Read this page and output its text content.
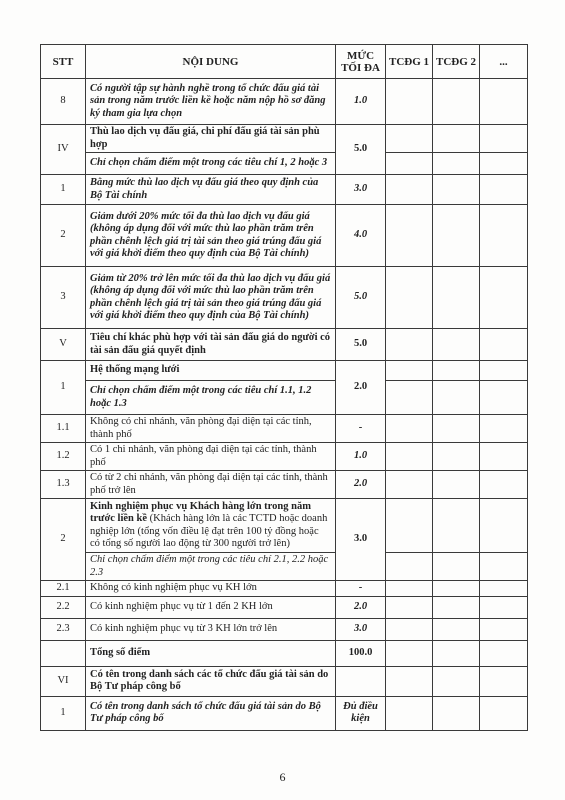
STT	NỘI DUNG	MỨC TỐI ĐA	TCĐG 1	TCĐG 2	...
8	Có người tập sự hành nghề trong tổ chức đấu giá tài sản trong năm trước liền kề hoặc năm nộp hồ sơ đăng ký tham gia lựa chọn	1.0			
IV	Thù lao dịch vụ đấu giá, chi phí đấu giá tài sản phù hợp	5.0			
	Chỉ chọn chấm điểm một trong các tiêu chí 1, 2 hoặc 3				
1	Bằng mức thù lao dịch vụ đấu giá theo quy định của Bộ Tài chính	3.0			
2	Giảm dưới 20% mức tối đa thù lao dịch vụ đấu giá (không áp dụng đối với mức thù lao phần trăm trên phần chênh lệch giá trị tài sản theo giá trúng đấu giá với giá khởi điểm theo quy định của Bộ Tài chính)	4.0			
3	Giảm từ 20% trở lên mức tối đa thù lao dịch vụ đấu giá (không áp dụng đối với mức thù lao phần trăm trên phần chênh lệch giá trị tài sản theo giá trúng đấu giá với giá khởi điểm theo quy định của Bộ Tài chính)	5.0			
V	Tiêu chí khác phù hợp với tài sản đấu giá do người có tài sản đấu giá quyết định	5.0			
1	Hệ thống mạng lưới	2.0			
	Chỉ chọn chấm điểm một trong các tiêu chí 1.1, 1.2 hoặc 1.3				
1.1	Không có chi nhánh, văn phòng đại diện tại các tỉnh, thành phố	-			
1.2	Có 1 chi nhánh, văn phòng đại diện tại các tỉnh, thành phố	1.0			
1.3	Có từ 2 chi nhánh, văn phòng đại diện tại các tỉnh, thành phố trở lên	2.0			
2	Kinh nghiệm phục vụ Khách hàng lớn trong năm trước liền kề (Khách hàng lớn là các TCTD hoặc doanh nghiệp lớn (tổng vốn điều lệ đạt trên 100 tỷ đồng hoặc có tổng số người lao động từ 300 người trở lên)	3.0			
	Chỉ chọn chấm điểm một trong các tiêu chí 2.1, 2.2 hoặc 2.3				
2.1	Không có kinh nghiệm phục vụ KH lớn	-			
2.2	Có kinh nghiệm phục vụ từ 1 đến 2 KH lớn	2.0			
2.3	Có kinh nghiệm phục vụ từ 3 KH lớn trở lên	3.0			
	Tổng số điểm	100.0			
VI	Có tên trong danh sách các tổ chức đấu giá tài sản do Bộ Tư pháp công bố				
1	Có tên trong danh sách tổ chức đấu giá tài sản do Bộ Tư pháp công bố	Đủ điều kiện			
6
